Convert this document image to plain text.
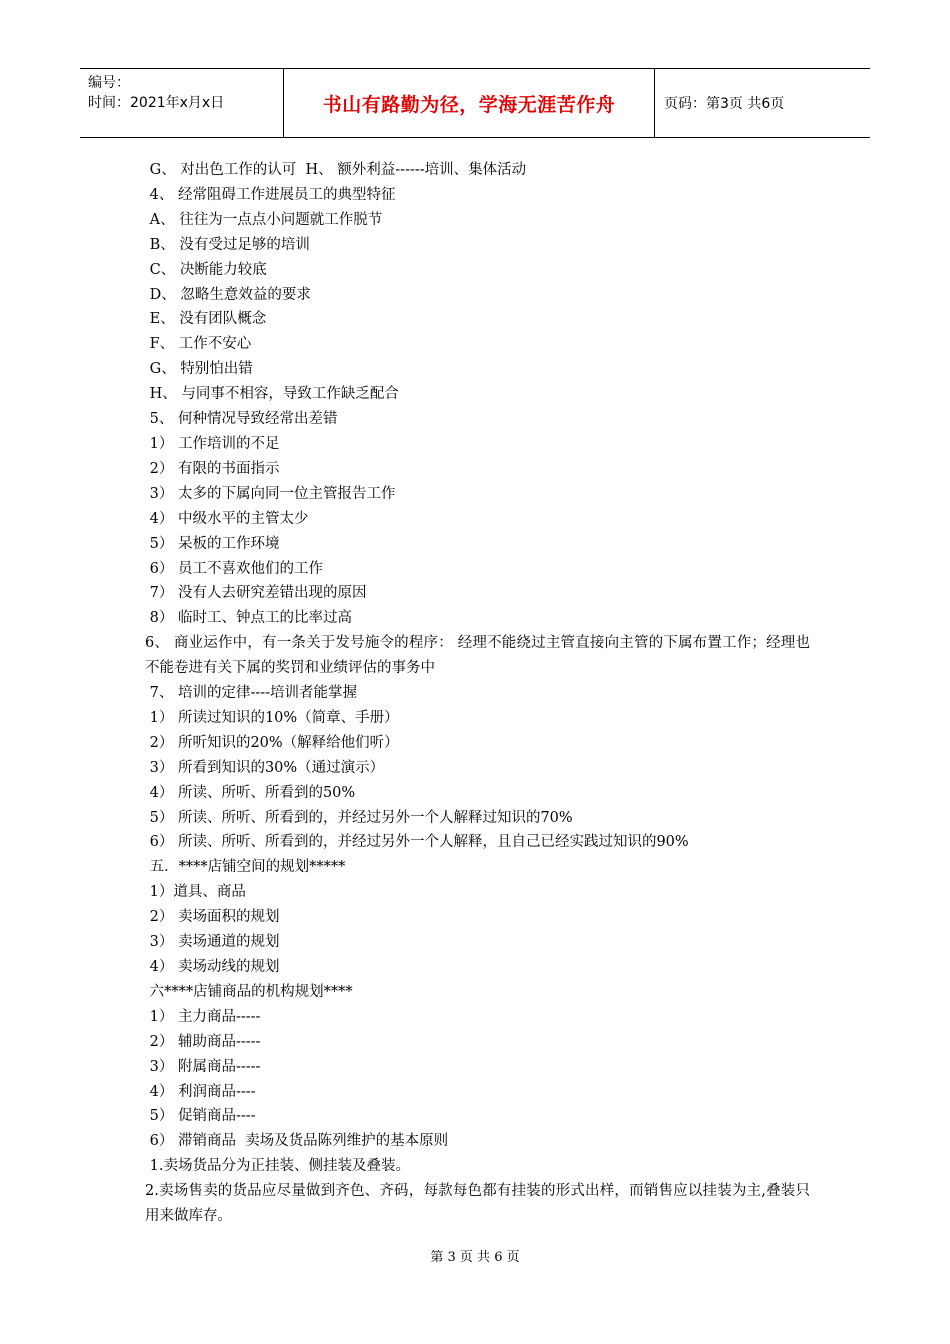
编号：
时间：2021年x月x日	书山有路勤为径，学海无涯苦作舟	页码：第3页 共6页
G、 对出色工作的认可  H、 额外利益------培训、集体活动
4、 经常阻碍工作进展员工的典型特征
A、 往往为一点点小问题就工作脱节
B、 没有受过足够的培训
C、 决断能力较底
D、 忽略生意效益的要求
E、 没有团队概念
F、 工作不安心
G、 特别怕出错
H、 与同事不相容，导致工作缺乏配合
5、 何种情况导致经常出差错
1） 工作培训的不足
2） 有限的书面指示
3） 太多的下属向同一位主管报告工作
4） 中级水平的主管太少
5） 呆板的工作环境
6） 员工不喜欢他们的工作
7） 没有人去研究差错出现的原因
8） 临时工、钟点工的比率过高
6、 商业运作中，有一条关于发号施令的程序： 经理不能绕过主管直接向主管的下属布置工作；经理也不能卷进有关下属的奖罚和业绩评估的事务中
7、 培训的定律----培训者能掌握
1） 所读过知识的10%（简章、手册）
2） 所听知识的20%（解释给他们听）
3） 所看到知识的30%（通过演示）
4） 所读、所听、所看到的50%
5） 所读、所听、所看到的，并经过另外一个人解释过知识的70%
6） 所读、所听、所看到的，并经过另外一个人解释，且自己已经实践过知识的90%
五．****店铺空间的规划*****
1）道具、商品
2） 卖场面积的规划
3） 卖场通道的规划
4） 卖场动线的规划
六****店铺商品的机构规划****
1） 主力商品-----
2） 辅助商品-----
3） 附属商品-----
4） 利润商品----
5） 促销商品----
6） 滞销商品  卖场及货品陈列维护的基本原则
1.卖场货品分为正挂装、侧挂装及叠装。
2.卖场售卖的货品应尽量做到齐色、齐码，每款每色都有挂装的形式出样，而销售应以挂装为主,叠装只用来做库存。
第 3 页 共 6 页
